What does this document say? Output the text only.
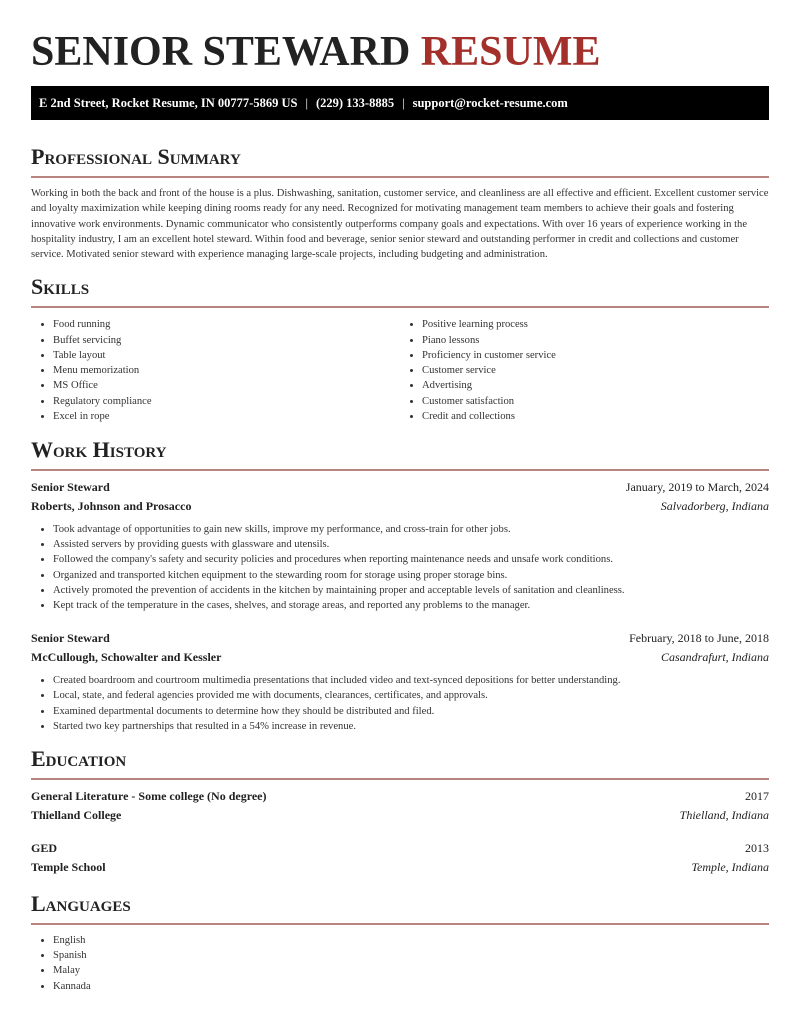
SENIOR STEWARD RESUME
E 2nd Street, Rocket Resume, IN 00777-5869 US | (229) 133-8885 | support@rocket-resume.com
Professional Summary

Working in both the back and front of the house is a plus. Dishwashing, sanitation, customer service, and cleanliness are all effective and efficient. Excellent customer service and loyalty maximization while keeping dining rooms ready for any need. Recognized for motivating management team members to achieve their goals and fostering innovative work environments. Dynamic communicator who consistently outperforms company goals and expectations. With over 16 years of experience working in the hospitality industry, I am an excellent hotel steward. Within food and beverage, senior senior steward and outstanding performer in credit and collections and customer service. Motivated senior steward with experience managing large-scale projects, including budgeting and administration.

Skills
• Food running
• Buffet servicing
• Table layout
• Menu memorization
• MS Office
• Regulatory compliance
• Excel in rope
• Positive learning process
• Piano lessons
• Proficiency in customer service
• Customer service
• Advertising
• Customer satisfaction
• Credit and collections
Work History
Senior Steward	January, 2019 to March, 2024
Roberts, Johnson and Prosacco	Salvadorberg, Indiana
• Took advantage of opportunities to gain new skills, improve my performance, and cross-train for other jobs.
• Assisted servers by providing guests with glassware and utensils.
• Followed the company's safety and security policies and procedures when reporting maintenance needs and unsafe work conditions.
• Organized and transported kitchen equipment to the stewarding room for storage using proper storage bins.
• Actively promoted the prevention of accidents in the kitchen by maintaining proper and acceptable levels of sanitation and cleanliness.
• Kept track of the temperature in the cases, shelves, and storage areas, and reported any problems to the manager.
Senior Steward	February, 2018 to June, 2018
McCullough, Schowalter and Kessler	Casandrafurt, Indiana
• Created boardroom and courtroom multimedia presentations that included video and text-synced depositions for better understanding.
• Local, state, and federal agencies provided me with documents, clearances, certificates, and approvals.
• Examined departmental documents to determine how they should be distributed and filed.
• Started two key partnerships that resulted in a 54% increase in revenue.
Education
General Literature - Some college (No degree)	2017
Thielland College	Thielland, Indiana
GED	2013
Temple School	Temple, Indiana
Languages
• English
• Spanish
• Malay
• Kannada
